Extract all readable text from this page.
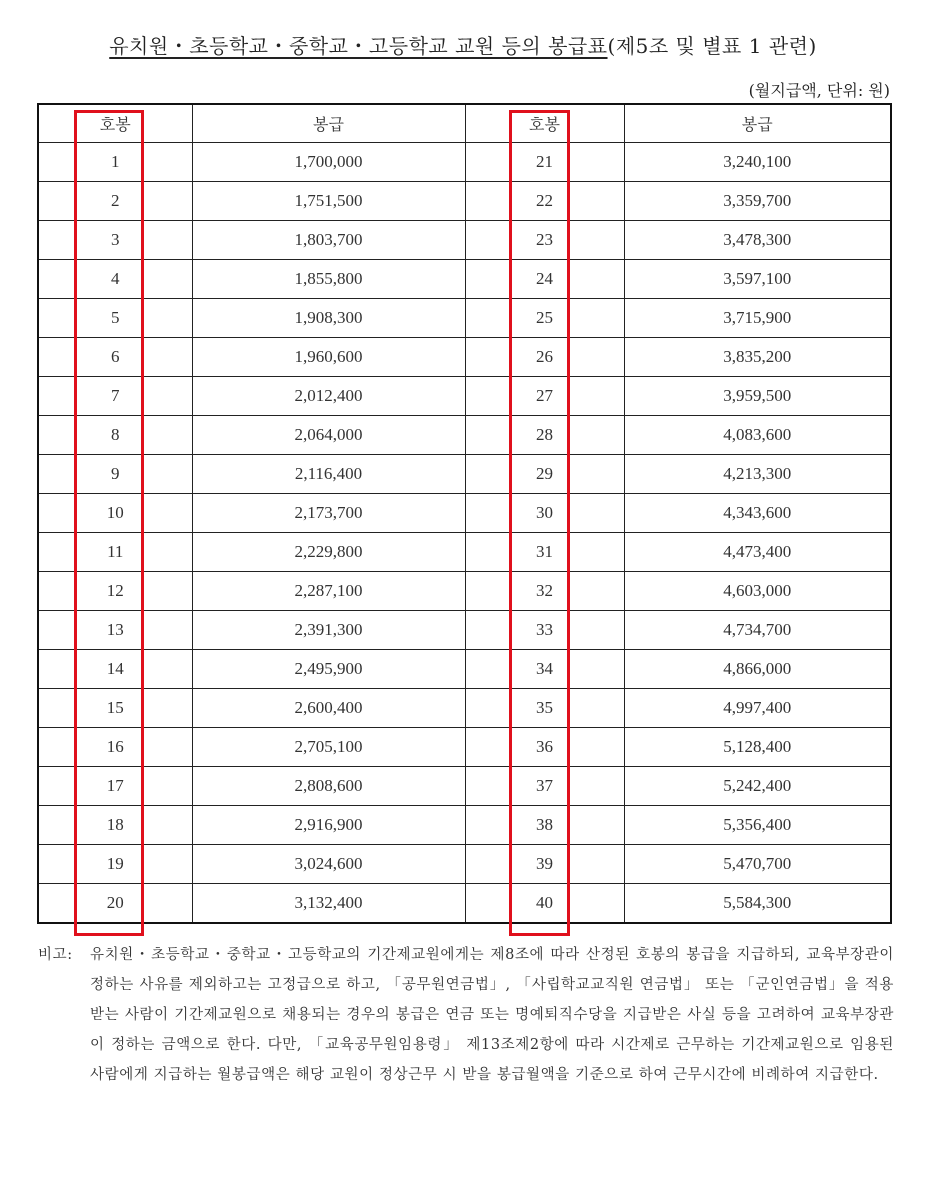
유치원・초등학교・중학교・고등학교 교원 등의 봉급표(제5조 및 별표 1 관련)
(월지급액, 단위: 원)
호봉	봉급	호봉	봉급
1	1,700,000	21	3,240,100
2	1,751,500	22	3,359,700
3	1,803,700	23	3,478,300
4	1,855,800	24	3,597,100
5	1,908,300	25	3,715,900
6	1,960,600	26	3,835,200
7	2,012,400	27	3,959,500
8	2,064,000	28	4,083,600
9	2,116,400	29	4,213,300
10	2,173,700	30	4,343,600
11	2,229,800	31	4,473,400
12	2,287,100	32	4,603,000
13	2,391,300	33	4,734,700
14	2,495,900	34	4,866,000
15	2,600,400	35	4,997,400
16	2,705,100	36	5,128,400
17	2,808,600	37	5,242,400
18	2,916,900	38	5,356,400
19	3,024,600	39	5,470,700
20	3,132,400	40	5,584,300
비고: 유치원・초등학교・중학교・고등학교의 기간제교원에게는 제8조에 따라 산정된 호봉의 봉급을 지급하되, 교육부장관이 정하는 사유를 제외하고는 고정급으로 하고, 「공무원연금법」, 「사립학교교직원 연금법」 또는 「군인연금법」을 적용받는 사람이 기간제교원으로 채용되는 경우의 봉급은 연금 또는 명예퇴직수당을 지급받은 사실 등을 고려하여 교육부장관이 정하는 금액으로 한다. 다만, 「교육공무원임용령」 제13조제2항에 따라 시간제로 근무하는 기간제교원으로 임용된 사람에게 지급하는 월봉급액은 해당 교원이 정상근무 시 받을 봉급월액을 기준으로 하여 근무시간에 비례하여 지급한다.
